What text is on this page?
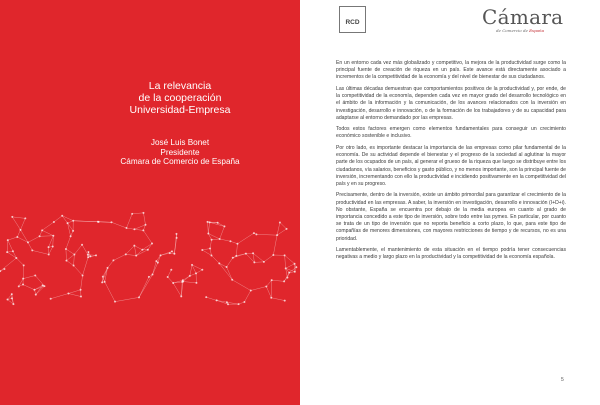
La relevancia
de la cooperación
Universidad-Empresa
José Luis Bonet
Presidente
Cámara de Comercio de España
RCD	Cámara
de Comercio de España

En un entorno cada vez más globalizado y competitivo, la mejora de la productividad surge como la principal fuente de creación de riqueza en un país. Este avance está directamente asociado a incrementos de la competitividad de la economía y del nivel de bienestar de sus ciudadanos.

Las últimas décadas demuestran que comportamientos positivos de la productividad y, por ende, de la competitividad de la economía, dependen cada vez en mayor grado del desarrollo tecnológico en el ámbito de la información y la comunicación, de los avances relacionados con la inversión en investigación, desarrollo e innovación, o de la formación de los trabajadores y de su capacidad para adaptarse al entorno demandado por las empresas.

Todos estos factores emergen como elementos fundamentales para conseguir un crecimiento económico sostenible e inclusivo.

Por otro lado, es importante destacar la importancia de las empresas como pilar fundamental de la economía. De su actividad depende el bienestar y el progreso de la sociedad al aglutinar la mayor parte de los ocupados de un país, al generar el grueso de la riqueza que luego se distribuye entre los ciudadanos, vía salarios, beneficios y gasto público, y no menos importante, son la principal fuente de inversión, incrementando con ello la productividad e incidiendo positivamente en la competitividad del país y en su progreso.

Precisamente, dentro de la inversión, existe un ámbito primordial para garantizar el crecimiento de la productividad en las empresas. A saber, la inversión en investigación, desarrollo e innovación (I+D+i). No obstante, España se encuentra por debajo de la media europea en cuanto al grado de importancia concedido a este tipo de inversión, sobre todo entre las pymes. En particular, por cuanto se trata de un tipo de inversión que no reporta beneficio a corto plazo, lo que, para este tipo de compañías de menores dimensiones, con mayores restricciones de tiempo y de recursos, no es una prioridad.

Lamentablemente, el mantenimiento de esta situación en el tiempo podría tener consecuencias negativas a medio y largo plazo en la productividad y la competitividad de la economía española.

5
